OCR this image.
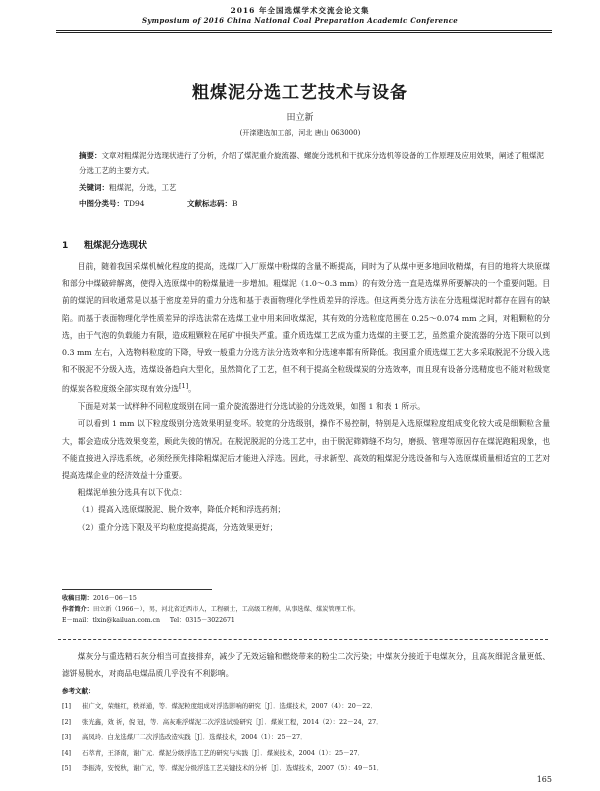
2016 年全国选煤学术交流会论文集
Symposium of 2016 China National Coal Preparation Academic Conference
粗煤泥分选工艺技术与设备
田立新
(开滦建选加工部，河北 唐山 063000)
摘要：文章对粗煤泥分选现状进行了分析，介绍了煤泥重介旋流器、螺旋分选机和干扰床分选机等设备的工作原理及应用效果，阐述了粗煤泥分选工艺的主要方式。
关键词：粗煤泥，分选，工艺
中图分类号：TD94	文献标志码：B
1 粗煤泥分选现状

目前，随着我国采煤机械化程度的提高，选煤厂入厂原煤中粉煤的含量不断提高，同时为了从煤中更多地回收精煤，有目的地将大块原煤和部分中煤破碎解离，使得入选原煤中的粉煤量进一步增加。粗煤泥（1.0～0.3 mm）的有效分选一直是选煤界所要解决的一个重要问题。目前的煤泥的回收通常是以基于密度差异的重力分选和基于表面物理化学性质差异的浮选。但这两类分选方法在分选粗煤泥时都存在固有的缺陷。而基于表面物理化学性质差异的浮选法常在选煤工业中用来回收煤泥，其有效的分选粒度范围在 0.25～0.074 mm 之间，对粗颗粒的分选，由于气泡的负载能力有限，造成粗颗粒在尾矿中损失严重。重介质选煤工艺成为重力选煤的主要工艺，虽然重介旋流器的分选下限可以到 0.3 mm 左右，入选物料粒度的下降，导致一般重力分选方法分选效率和分选速率都有所降低。我国重介质选煤工艺大多采取脱泥不分级入选和不脱泥不分级入选，选煤设备趋向大型化，虽然简化了工艺，但不利于提高全粒级煤炭的分选效率，而且现有设备分选精度也不能对粒级宽的煤炭各粒度级全部实现有效分选[1]。

下面是对某一试样种不同粒度级别在同一重介旋流器进行分选试验的分选效果，如图 1 和表 1 所示。

可以看到 1 mm 以下粒度级别分选效果明显变坏。较宽的分选级别，操作不易控制，特别是入选原煤粒度组成变化较大或是细颗粒含量大，都会造成分选效果变差，顾此失彼的情况。在脱泥脱泥的分选工艺中，由于脱泥筛筛缝不均匀，磨损、管理等原因存在煤泥跑粗现象，也不能直接进入浮选系统，必须经预先排除粗煤泥后才能进入浮选。因此，寻求新型、高效的粗煤泥分选设备和与入选原煤质量相适宜的工艺对提高选煤企业的经济效益十分重要。

粗煤泥单独分选具有以下优点：

（1）提高入选原煤脱泥、脱介效率，降低介耗和浮选药剂；

（2）重介分选下限及平均粒度提高提高，分选效果更好；

收稿日期：2016－06－15
作者简介：田立新（1966－），男，河北省迁西市人，工程硕士，工高级工程师，从事选煤、煤炭管理工作。
E－mail：tlxin@kailuan.com.cn Tel：0315－3022671

煤灰分与重选精石灰分相当可直接排弃，减少了无效运输和燃烧带来的粉尘二次污染；中煤灰分接近于电煤灰分，且高灰细泥含量更低、滤饼易脱水，对商品电煤品质几乎没有不利影响。

参考文献：
[1] 崔广文，荣继红，秩祥通，等．煤泥粒度组成对浮选影响的研究［J］．选煤技术，2007（4）：20－22．
[2] 张光鑫，效 祈，倪 冠，等．高灰难浮煤泥二次浮选试验研究［J］．煤炭工程，2014（2）：22－24，27．
[3] 高凤玲．白龙选煤厂二次浮选改造实践［J］．选煤技术，2004（1）：25－27．
[4] 石萃青，王泽南，谢广元．煤泥分级浮选工艺的研究与实践［J］．煤炭技术，2004（1）：25－27．
[5] 李振涛，安悦秋，谢广元，等．煤泥分级浮选工艺关键技术的分析［J］．选煤技术，2007（5）：49－51．
165
